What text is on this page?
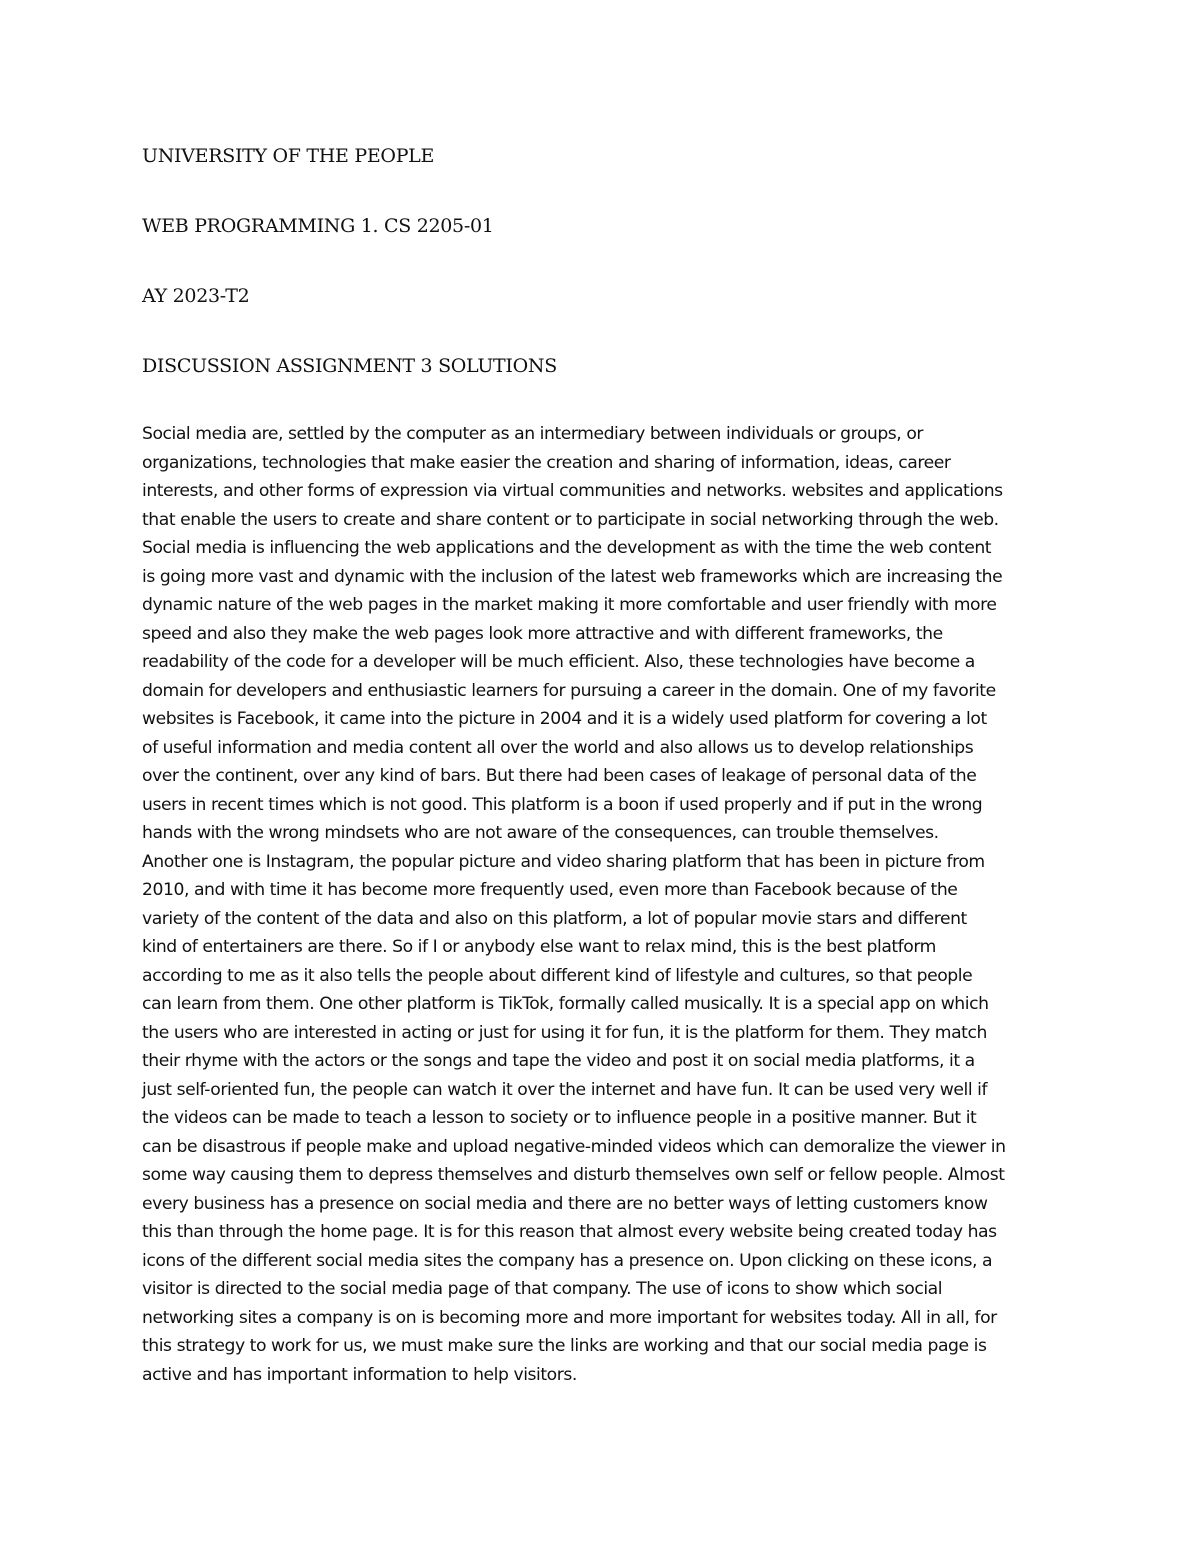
UNIVERSITY OF THE PEOPLE
WEB PROGRAMMING 1. CS 2205-01
AY 2023-T2
DISCUSSION ASSIGNMENT 3 SOLUTIONS
Social media are, settled by the computer as an intermediary between individuals or groups, or
organizations, technologies that make easier the creation and sharing of information, ideas, career
interests, and other forms of expression via virtual communities and networks. websites and applications
that enable the users to create and share content or to participate in social networking through the web.
Social media is influencing the web applications and the development as with the time the web content
is going more vast and dynamic with the inclusion of the latest web frameworks which are increasing the
dynamic nature of the web pages in the market making it more comfortable and user friendly with more
speed and also they make the web pages look more attractive and with different frameworks, the
readability of the code for a developer will be much efficient. Also, these technologies have become a
domain for developers and enthusiastic learners for pursuing a career in the domain. One of my favorite
websites is Facebook, it came into the picture in 2004 and it is a widely used platform for covering a lot
of useful information and media content all over the world and also allows us to develop relationships
over the continent, over any kind of bars. But there had been cases of leakage of personal data of the
users in recent times which is not good. This platform is a boon if used properly and if put in the wrong
hands with the wrong mindsets who are not aware of the consequences, can trouble themselves.
Another one is Instagram, the popular picture and video sharing platform that has been in picture from
2010, and with time it has become more frequently used, even more than Facebook because of the
variety of the content of the data and also on this platform, a lot of popular movie stars and different
kind of entertainers are there. So if I or anybody else want to relax mind, this is the best platform
according to me as it also tells the people about different kind of lifestyle and cultures, so that people
can learn from them. One other platform is TikTok, formally called musically. It is a special app on which
the users who are interested in acting or just for using it for fun, it is the platform for them. They match
their rhyme with the actors or the songs and tape the video and post it on social media platforms, it a
just self-oriented fun, the people can watch it over the internet and have fun. It can be used very well if
the videos can be made to teach a lesson to society or to influence people in a positive manner. But it
can be disastrous if people make and upload negative-minded videos which can demoralize the viewer in
some way causing them to depress themselves and disturb themselves own self or fellow people. Almost
every business has a presence on social media and there are no better ways of letting customers know
this than through the home page. It is for this reason that almost every website being created today has
icons of the different social media sites the company has a presence on. Upon clicking on these icons, a
visitor is directed to the social media page of that company. The use of icons to show which social
networking sites a company is on is becoming more and more important for websites today. All in all, for
this strategy to work for us, we must make sure the links are working and that our social media page is
active and has important information to help visitors.
